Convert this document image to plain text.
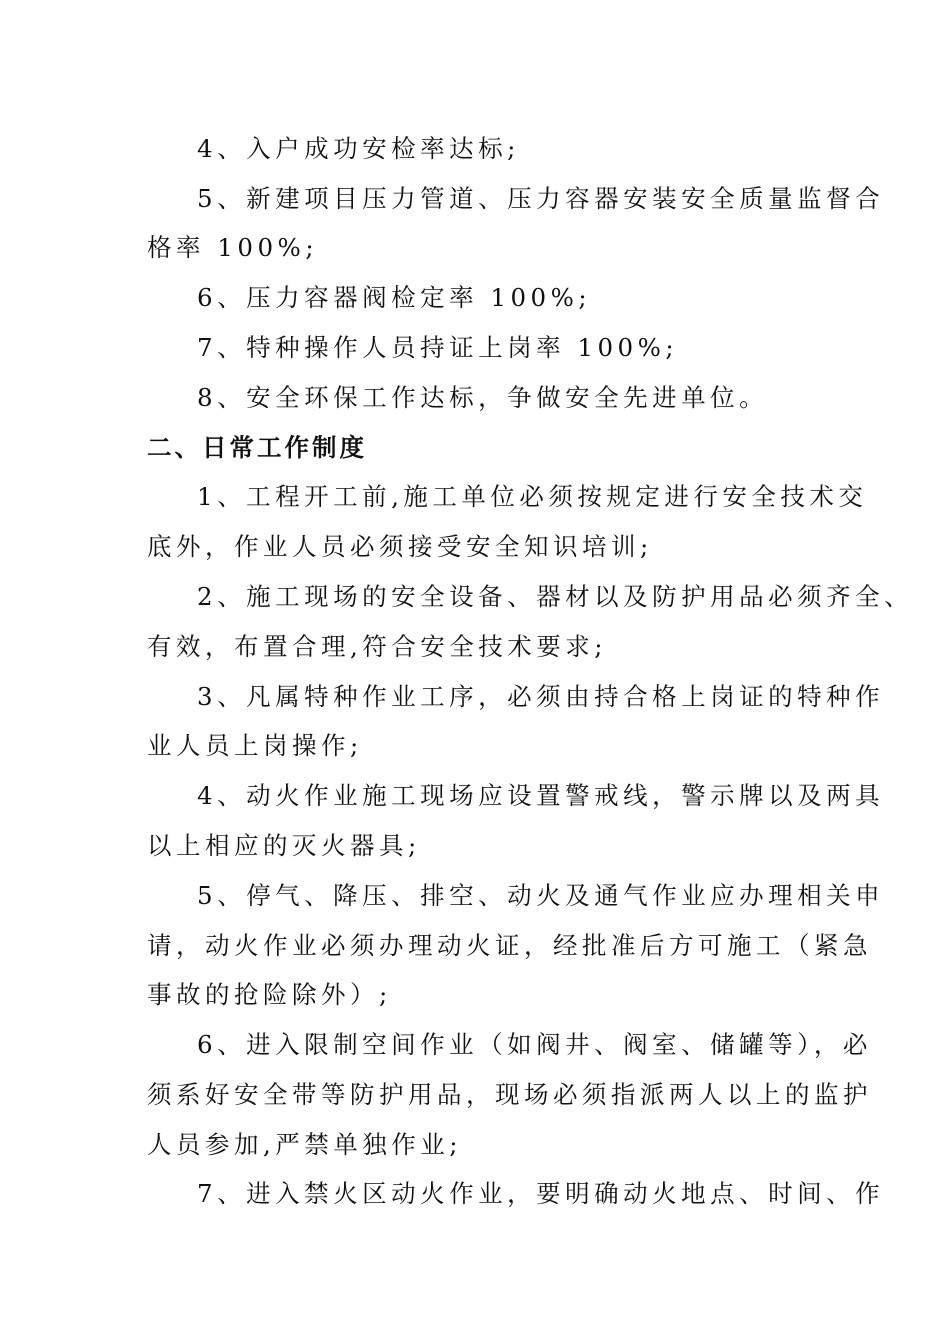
4、入户成功安检率达标;
5、新建项目压力管道、压力容器安装安全质量监督合
格率 100%;
6、压力容器阀检定率 100%;
7、特种操作人员持证上岗率 100%;
8、安全环保工作达标，争做安全先进单位。
二、日常工作制度
1、工程开工前,施工单位必须按规定进行安全技术交
底外，作业人员必须接受安全知识培训;
2、施工现场的安全设备、器材以及防护用品必须齐全、
有效，布置合理,符合安全技术要求;
3、凡属特种作业工序，必须由持合格上岗证的特种作
业人员上岗操作;
4、动火作业施工现场应设置警戒线，警示牌以及两具
以上相应的灭火器具;
5、停气、降压、排空、动火及通气作业应办理相关申
请，动火作业必须办理动火证，经批准后方可施工（紧急
事故的抢险除外）;
6、进入限制空间作业（如阀井、阀室、储罐等），必
须系好安全带等防护用品，现场必须指派两人以上的监护
人员参加,严禁单独作业;
7、进入禁火区动火作业，要明确动火地点、时间、作
